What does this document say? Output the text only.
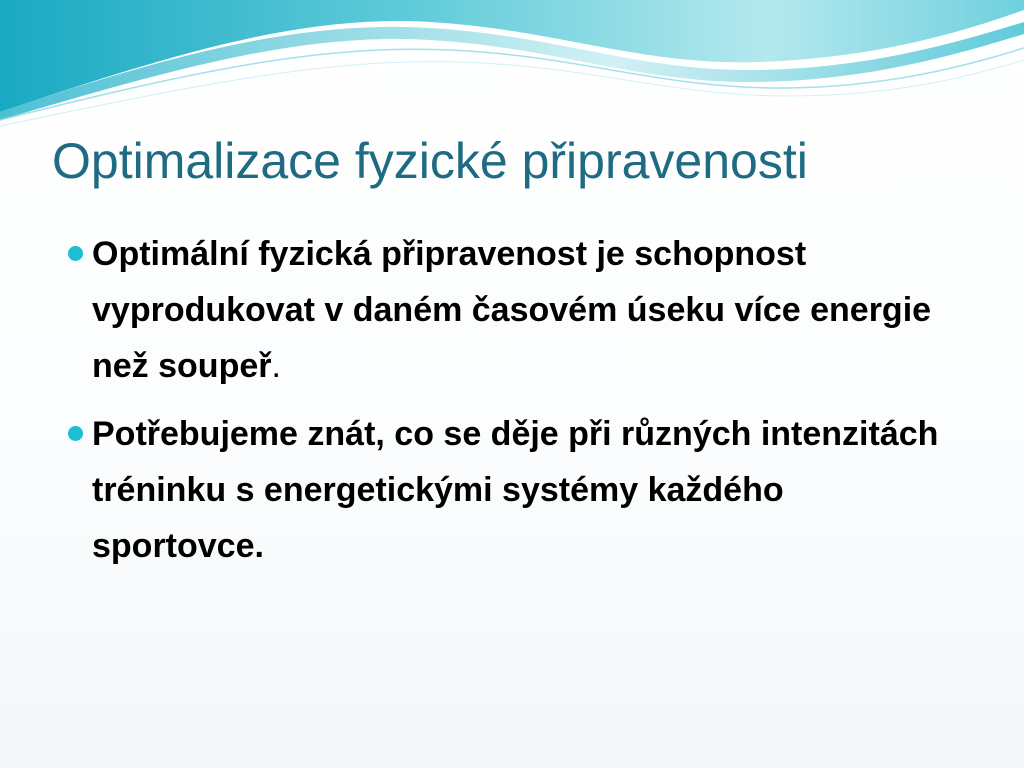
Optimalizace fyzické připravenosti
Optimální fyzická připravenost je schopnost vyprodukovat v daném časovém úseku více energie než soupeř.
Potřebujeme znát, co se děje při různých intenzitách tréninku s energetickými systémy každého sportovce.
